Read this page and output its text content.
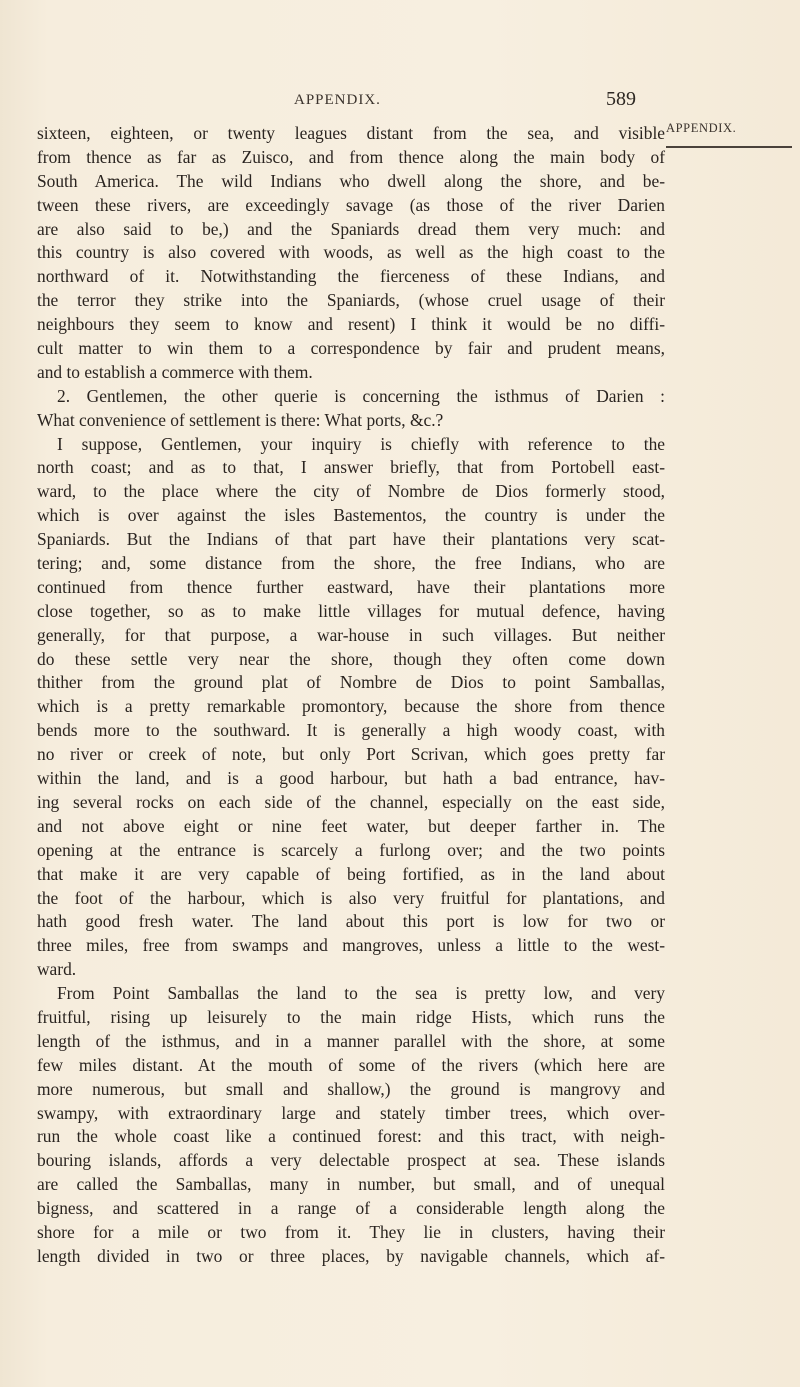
APPENDIX.	589
APPENDIX.
sixteen, eighteen, or twenty leagues distant from the sea, and visible
from thence as far as Zuisco, and from thence along the main body of
South America. The wild Indians who dwell along the shore, and be-
tween these rivers, are exceedingly savage (as those of the river Darien
are also said to be,) and the Spaniards dread them very much: and
this country is also covered with woods, as well as the high coast to the
northward of it. Notwithstanding the fierceness of these Indians, and
the terror they strike into the Spaniards, (whose cruel usage of their
neighbours they seem to know and resent) I think it would be no diffi-
cult matter to win them to a correspondence by fair and prudent means,
and to establish a commerce with them.
2. Gentlemen, the other querie is concerning the isthmus of Darien :
What convenience of settlement is there: What ports, &c.?
I suppose, Gentlemen, your inquiry is chiefly with reference to the
north coast; and as to that, I answer briefly, that from Portobell east-
ward, to the place where the city of Nombre de Dios formerly stood,
which is over against the isles Bastementos, the country is under the
Spaniards. But the Indians of that part have their plantations very scat-
tering; and, some distance from the shore, the free Indians, who are
continued from thence further eastward, have their plantations more
close together, so as to make little villages for mutual defence, having
generally, for that purpose, a war-house in such villages. But neither
do these settle very near the shore, though they often come down
thither from the ground plat of Nombre de Dios to point Samballas,
which is a pretty remarkable promontory, because the shore from thence
bends more to the southward. It is generally a high woody coast, with
no river or creek of note, but only Port Scrivan, which goes pretty far
within the land, and is a good harbour, but hath a bad entrance, hav-
ing several rocks on each side of the channel, especially on the east side,
and not above eight or nine feet water, but deeper farther in. The
opening at the entrance is scarcely a furlong over; and the two points
that make it are very capable of being fortified, as in the land about
the foot of the harbour, which is also very fruitful for plantations, and
hath good fresh water. The land about this port is low for two or
three miles, free from swamps and mangroves, unless a little to the west-
ward.
From Point Samballas the land to the sea is pretty low, and very
fruitful, rising up leisurely to the main ridge Hists, which runs the
length of the isthmus, and in a manner parallel with the shore, at some
few miles distant. At the mouth of some of the rivers (which here are
more numerous, but small and shallow,) the ground is mangrovy and
swampy, with extraordinary large and stately timber trees, which over-
run the whole coast like a continued forest: and this tract, with neigh-
bouring islands, affords a very delectable prospect at sea. These islands
are called the Samballas, many in number, but small, and of unequal
bigness, and scattered in a range of a considerable length along the
shore for a mile or two from it. They lie in clusters, having their
length divided in two or three places, by navigable channels, which af-
